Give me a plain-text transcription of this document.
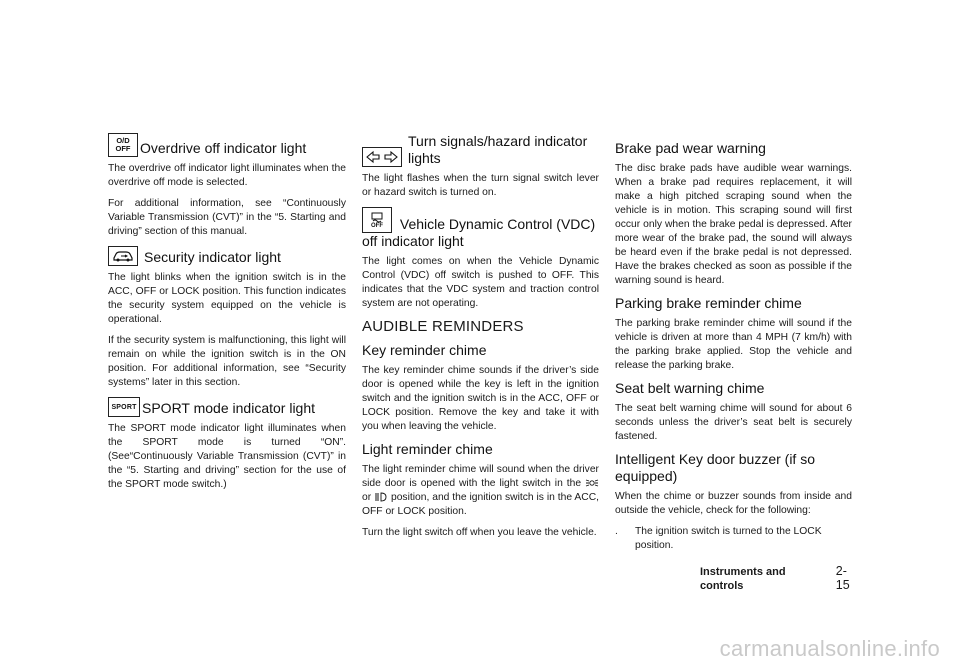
O/D
OFF Overdrive off indicator light

The overdrive off indicator light illuminates when the overdrive off mode is selected.

For additional information, see “Continuously Variable Transmission (CVT)” in the “5. Starting and driving” section of this manual.

Security indicator light

The light blinks when the ignition switch is in the ACC, OFF or LOCK position. This function indicates the security system equipped on the vehicle is operational.

If the security system is malfunctioning, this light will remain on while the ignition switch is in the ON position. For additional information, see “Security systems” later in this section.

SPORT SPORT mode indicator light

The SPORT mode indicator light illuminates when the SPORT mode is turned “ON”. (See“Continuously Variable Transmission (CVT)” in the “5. Starting and driving” section for the use of the SPORT mode switch.)

Turn signals/hazard indicator lights

The light flashes when the turn signal switch lever or hazard switch is turned on.

OFF Vehicle Dynamic Control (VDC) off indicator light

The light comes on when the Vehicle Dynamic Control (VDC) off switch is pushed to OFF. This indicates that the VDC system and traction control system are not operating.

AUDIBLE REMINDERS
Key reminder chime

The key reminder chime sounds if the driver’s side door is opened while the key is left in the ignition switch and the ignition switch is in the ACC, OFF or LOCK position. Remove the key and take it with you when leaving the vehicle.

Light reminder chime

The light reminder chime will sound when the driver side door is opened with the light switch in the  or position, and the ignition switch is in the ACC, OFF or LOCK position.

Turn the light switch off when you leave the vehicle.

Brake pad wear warning

The disc brake pads have audible wear warnings. When a brake pad requires replacement, it will make a high pitched scraping sound when the vehicle is in motion. This scraping sound will first occur only when the brake pedal is depressed. After more wear of the brake pad, the sound will always be heard even if the brake pedal is not depressed. Have the brakes checked as soon as possible if the warning sound is heard.

Parking brake reminder chime

The parking brake reminder chime will sound if the vehicle is driven at more than 4 MPH (7 km/h) with the parking brake applied. Stop the vehicle and release the parking brake.

Seat belt warning chime

The seat belt warning chime will sound for about 6 seconds unless the driver’s seat belt is securely fastened.

Intelligent Key door buzzer (if so equipped)

When the chime or buzzer sounds from inside and outside the vehicle, check for the following:

.	The ignition switch is turned to the LOCK position.
Instruments and controls
2-15
carmanualsonline.info
